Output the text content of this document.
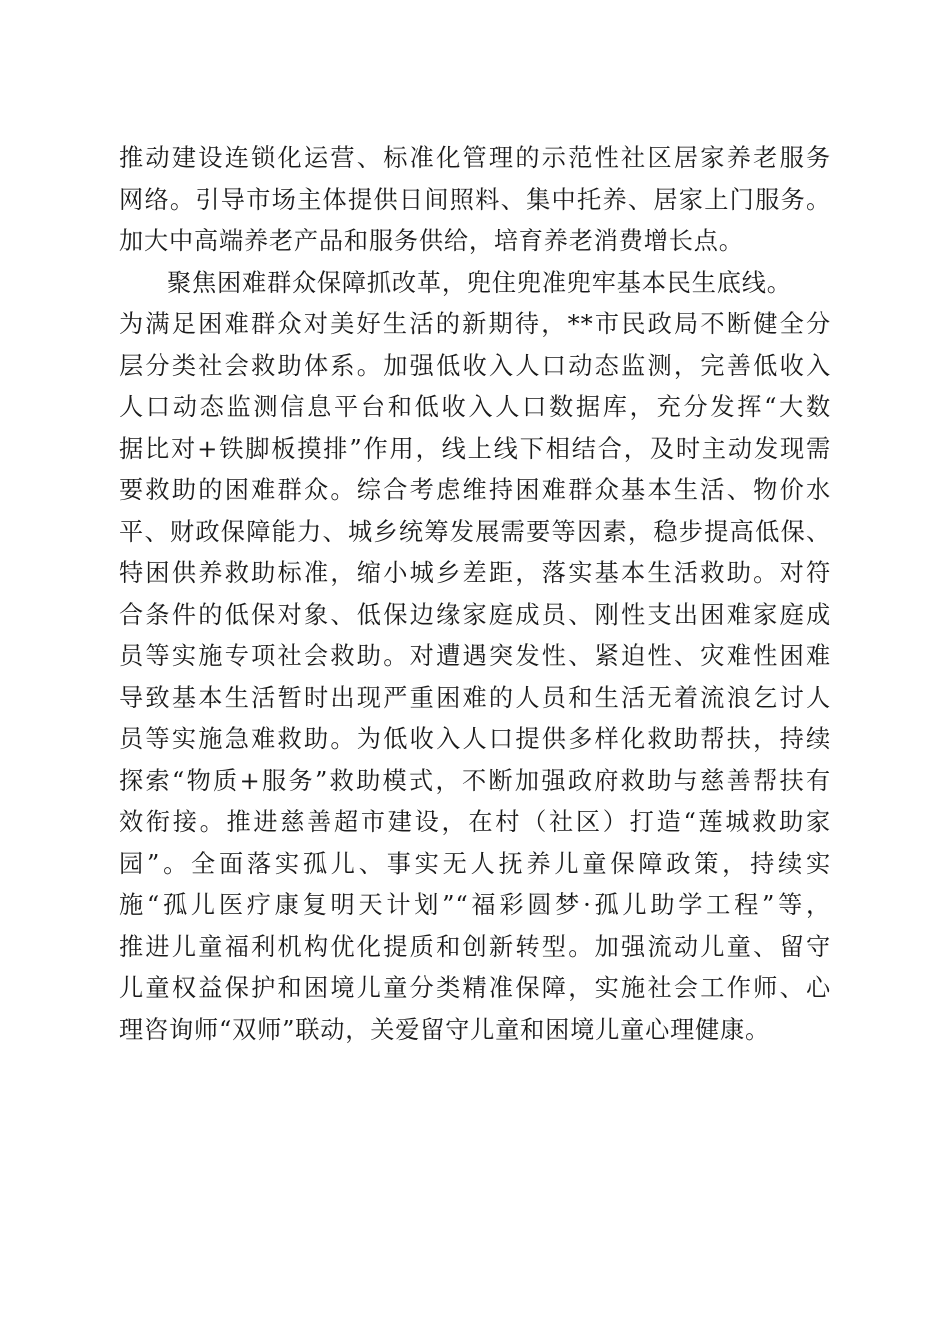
推动建设连锁化运营、标准化管理的示范性社区居家养老服务

网络。引导市场主体提供日间照料、集中托养、居家上门服务。

加大中高端养老产品和服务供给，培育养老消费增长点。

聚焦困难群众保障抓改革，兜住兜准兜牢基本民生底线。

为满足困难群众对美好生活的新期待，**市民政局不断健全分

层分类社会救助体系。加强低收入人口动态监测，完善低收入

人口动态监测信息平台和低收入人口数据库，充分发挥“大数

据比对+铁脚板摸排”作用，线上线下相结合，及时主动发现需

要救助的困难群众。综合考虑维持困难群众基本生活、物价水

平、财政保障能力、城乡统筹发展需要等因素，稳步提高低保、

特困供养救助标准，缩小城乡差距，落实基本生活救助。对符

合条件的低保对象、低保边缘家庭成员、刚性支出困难家庭成

员等实施专项社会救助。对遭遇突发性、紧迫性、灾难性困难

导致基本生活暂时出现严重困难的人员和生活无着流浪乞讨人

员等实施急难救助。为低收入人口提供多样化救助帮扶，持续

探索“物质+服务”救助模式，不断加强政府救助与慈善帮扶有

效衔接。推进慈善超市建设，在村（社区）打造“莲城救助家

园”。全面落实孤儿、事实无人抚养儿童保障政策，持续实

施“孤儿医疗康复明天计划”“福彩圆梦·孤儿助学工程”等，

推进儿童福利机构优化提质和创新转型。加强流动儿童、留守

儿童权益保护和困境儿童分类精准保障，实施社会工作师、心

理咨询师“双师”联动，关爱留守儿童和困境儿童心理健康。
